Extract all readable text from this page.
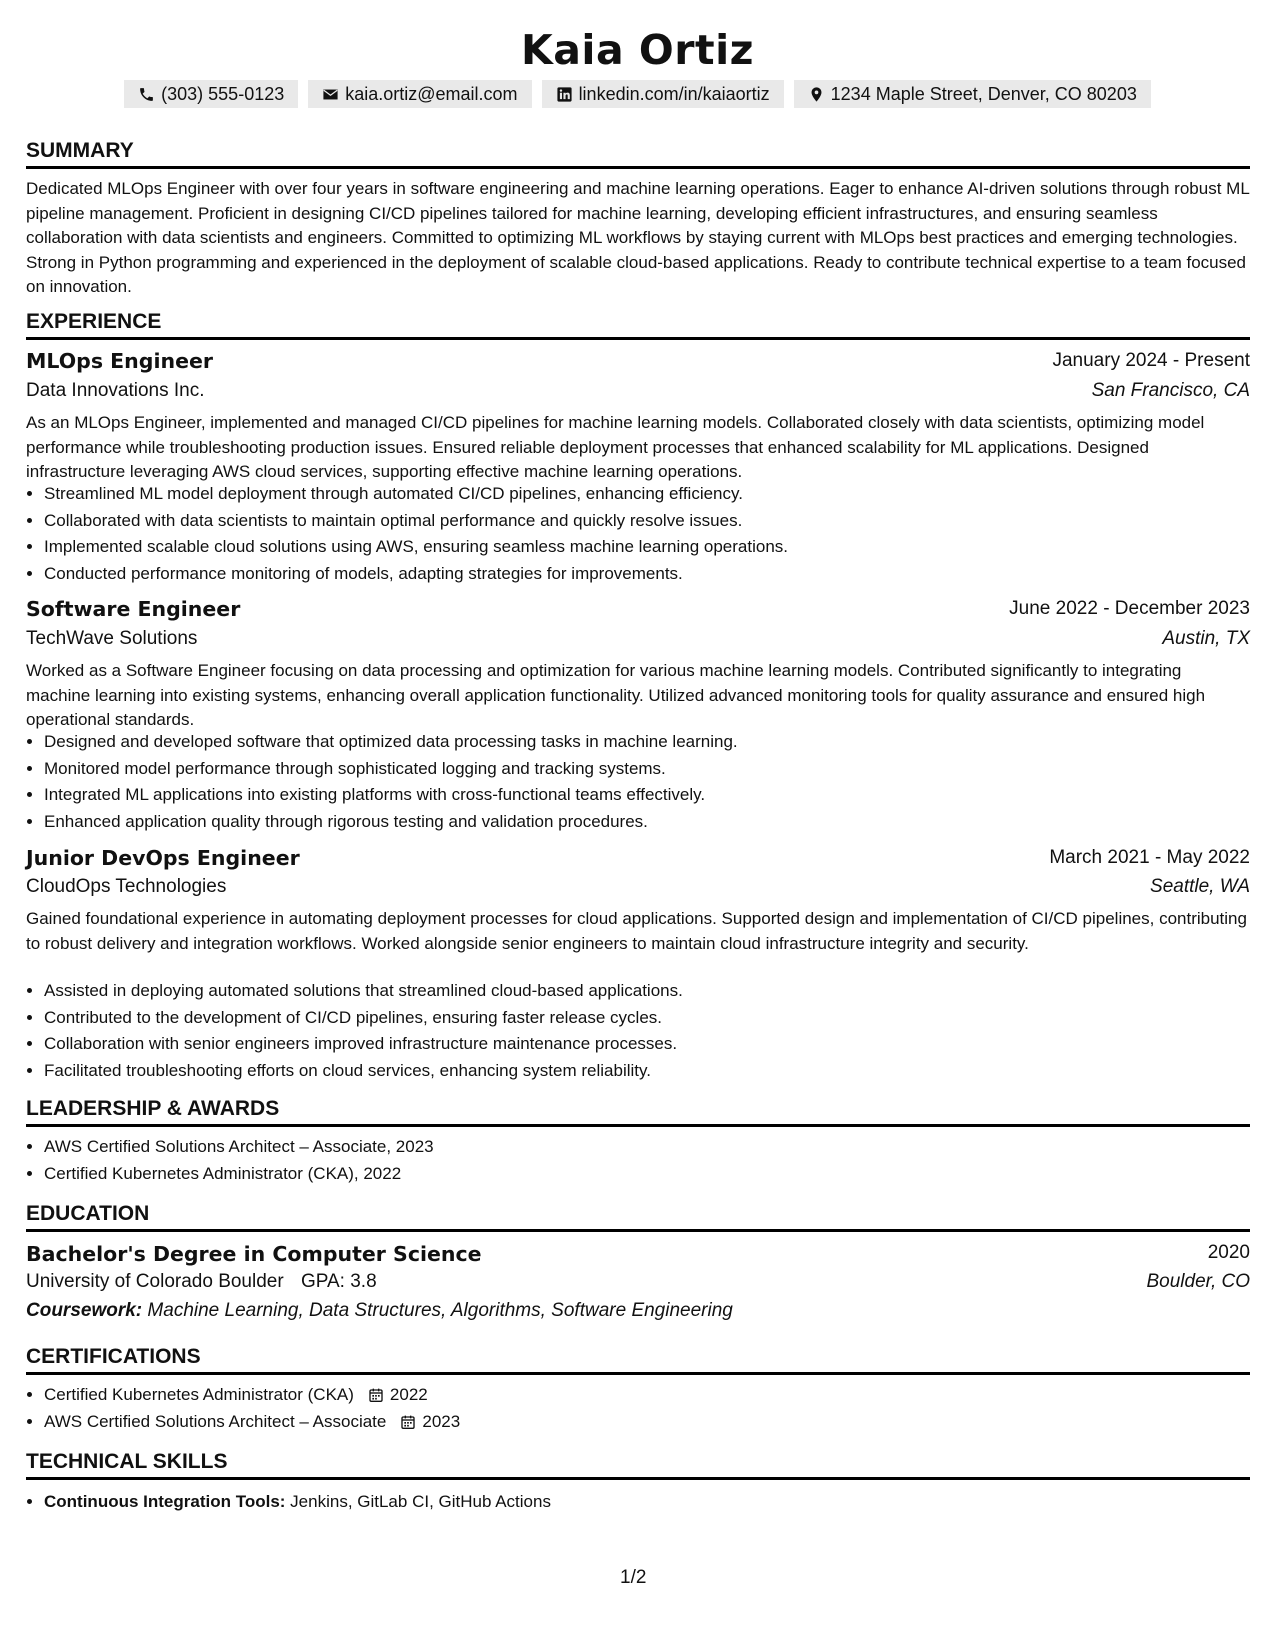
Kaia Ortiz
(303) 555-0123	kaia.ortiz@email.com	linkedin.com/in/kaiaortiz	1234 Maple Street, Denver, CO 80203
SUMMARY

Dedicated MLOps Engineer with over four years in software engineering and machine learning operations. Eager to enhance AI-driven solutions through robust ML pipeline management. Proficient in designing CI/CD pipelines tailored for machine learning, developing efficient infrastructures, and ensuring seamless collaboration with data scientists and engineers. Committed to optimizing ML workflows by staying current with MLOps best practices and emerging technologies. Strong in Python programming and experienced in the deployment of scalable cloud-based applications. Ready to contribute technical expertise to a team focused on innovation.

EXPERIENCE
MLOps Engineer	January 2024 - Present
Data Innovations Inc.	San Francisco, CA

As an MLOps Engineer, implemented and managed CI/CD pipelines for machine learning models. Collaborated closely with data scientists, optimizing model performance while troubleshooting production issues. Ensured reliable deployment processes that enhanced scalability for ML applications. Designed infrastructure leveraging AWS cloud services, supporting effective machine learning operations.

• Streamlined ML model deployment through automated CI/CD pipelines, enhancing efficiency.
• Collaborated with data scientists to maintain optimal performance and quickly resolve issues.
• Implemented scalable cloud solutions using AWS, ensuring seamless machine learning operations.
• Conducted performance monitoring of models, adapting strategies for improvements.
Software Engineer	June 2022 - December 2023
TechWave Solutions	Austin, TX

Worked as a Software Engineer focusing on data processing and optimization for various machine learning models. Contributed significantly to integrating machine learning into existing systems, enhancing overall application functionality. Utilized advanced monitoring tools for quality assurance and ensured high operational standards.

• Designed and developed software that optimized data processing tasks in machine learning.
• Monitored model performance through sophisticated logging and tracking systems.
• Integrated ML applications into existing platforms with cross-functional teams effectively.
• Enhanced application quality through rigorous testing and validation procedures.
Junior DevOps Engineer	March 2021 - May 2022
CloudOps Technologies	Seattle, WA

Gained foundational experience in automating deployment processes for cloud applications. Supported design and implementation of CI/CD pipelines, contributing to robust delivery and integration workflows. Worked alongside senior engineers to maintain cloud infrastructure integrity and security.

• Assisted in deploying automated solutions that streamlined cloud-based applications.
• Contributed to the development of CI/CD pipelines, ensuring faster release cycles.
• Collaboration with senior engineers improved infrastructure maintenance processes.
• Facilitated troubleshooting efforts on cloud services, enhancing system reliability.
LEADERSHIP & AWARDS
• AWS Certified Solutions Architect – Associate, 2023
• Certified Kubernetes Administrator (CKA), 2022
EDUCATION
Bachelor's Degree in Computer Science	2020
University of Colorado Boulder GPA: 3.8	Boulder, CO
Coursework: Machine Learning, Data Structures, Algorithms, Software Engineering
CERTIFICATIONS
• Certified Kubernetes Administrator (CKA) 2022
• AWS Certified Solutions Architect – Associate 2023
TECHNICAL SKILLS
• Continuous Integration Tools: Jenkins, GitLab CI, GitHub Actions
1/2
